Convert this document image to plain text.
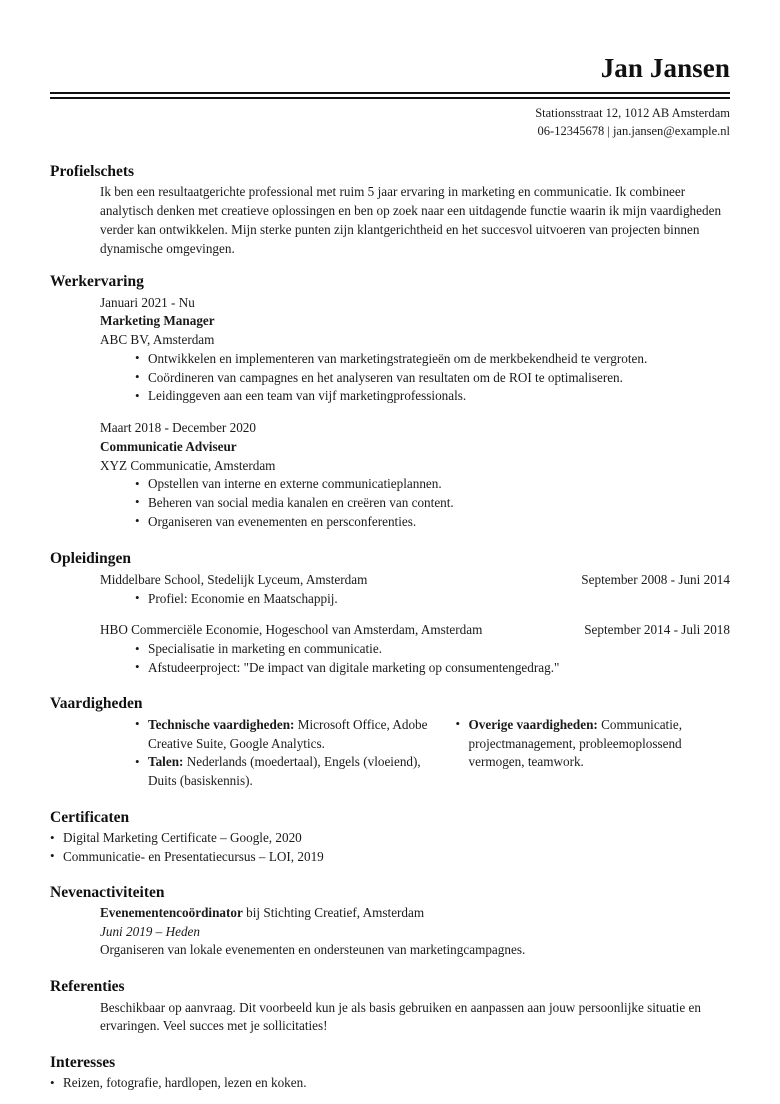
Jan Jansen
Stationsstraat 12, 1012 AB Amsterdam
06-12345678 | jan.jansen@example.nl
Profielschets

Ik ben een resultaatgerichte professional met ruim 5 jaar ervaring in marketing en communicatie. Ik combineer analytisch denken met creatieve oplossingen en ben op zoek naar een uitdagende functie waarin ik mijn vaardigheden verder kan ontwikkelen. Mijn sterke punten zijn klantgerichtheid en het succesvol uitvoeren van projecten binnen dynamische omgevingen.

Werkervaring
Januari 2021 - Nu
Marketing Manager
ABC BV, Amsterdam
• Ontwikkelen en implementeren van marketingstrategieën om de merkbekendheid te vergroten.
• Coördineren van campagnes en het analyseren van resultaten om de ROI te optimaliseren.
• Leidinggeven aan een team van vijf marketingprofessionals.
Maart 2018 - December 2020
Communicatie Adviseur
XYZ Communicatie, Amsterdam
• Opstellen van interne en externe communicatieplannen.
• Beheren van social media kanalen en creëren van content.
• Organiseren van evenementen en persconferenties.
Opleidingen
Middelbare School, Stedelijk Lyceum, Amsterdam	September 2008 - Juni 2014
• Profiel: Economie en Maatschappij.
HBO Commerciële Economie, Hogeschool van Amsterdam, Amsterdam	September 2014 - Juli 2018
• Specialisatie in marketing en communicatie.
• Afstudeerproject: "De impact van digitale marketing op consumentengedrag."
Vaardigheden
• Technische vaardigheden: Microsoft Office, Adobe Creative Suite, Google Analytics.
• Talen: Nederlands (moedertaal), Engels (vloeiend), Duits (basiskennis).
• Overige vaardigheden: Communicatie, projectmanagement, probleemoplossend vermogen, teamwork.
Certificaten
• Digital Marketing Certificate – Google, 2020
• Communicatie- en Presentatiecursus – LOI, 2019
Nevenactiviteiten
Evenementencoördinator bij Stichting Creatief, Amsterdam
Juni 2019 – Heden
Organiseren van lokale evenementen en ondersteunen van marketingcampagnes.
Referenties

Beschikbaar op aanvraag. Dit voorbeeld kun je als basis gebruiken en aanpassen aan jouw persoonlijke situatie en ervaringen. Veel succes met je sollicitaties!

Interesses
• Reizen, fotografie, hardlopen, lezen en koken.
